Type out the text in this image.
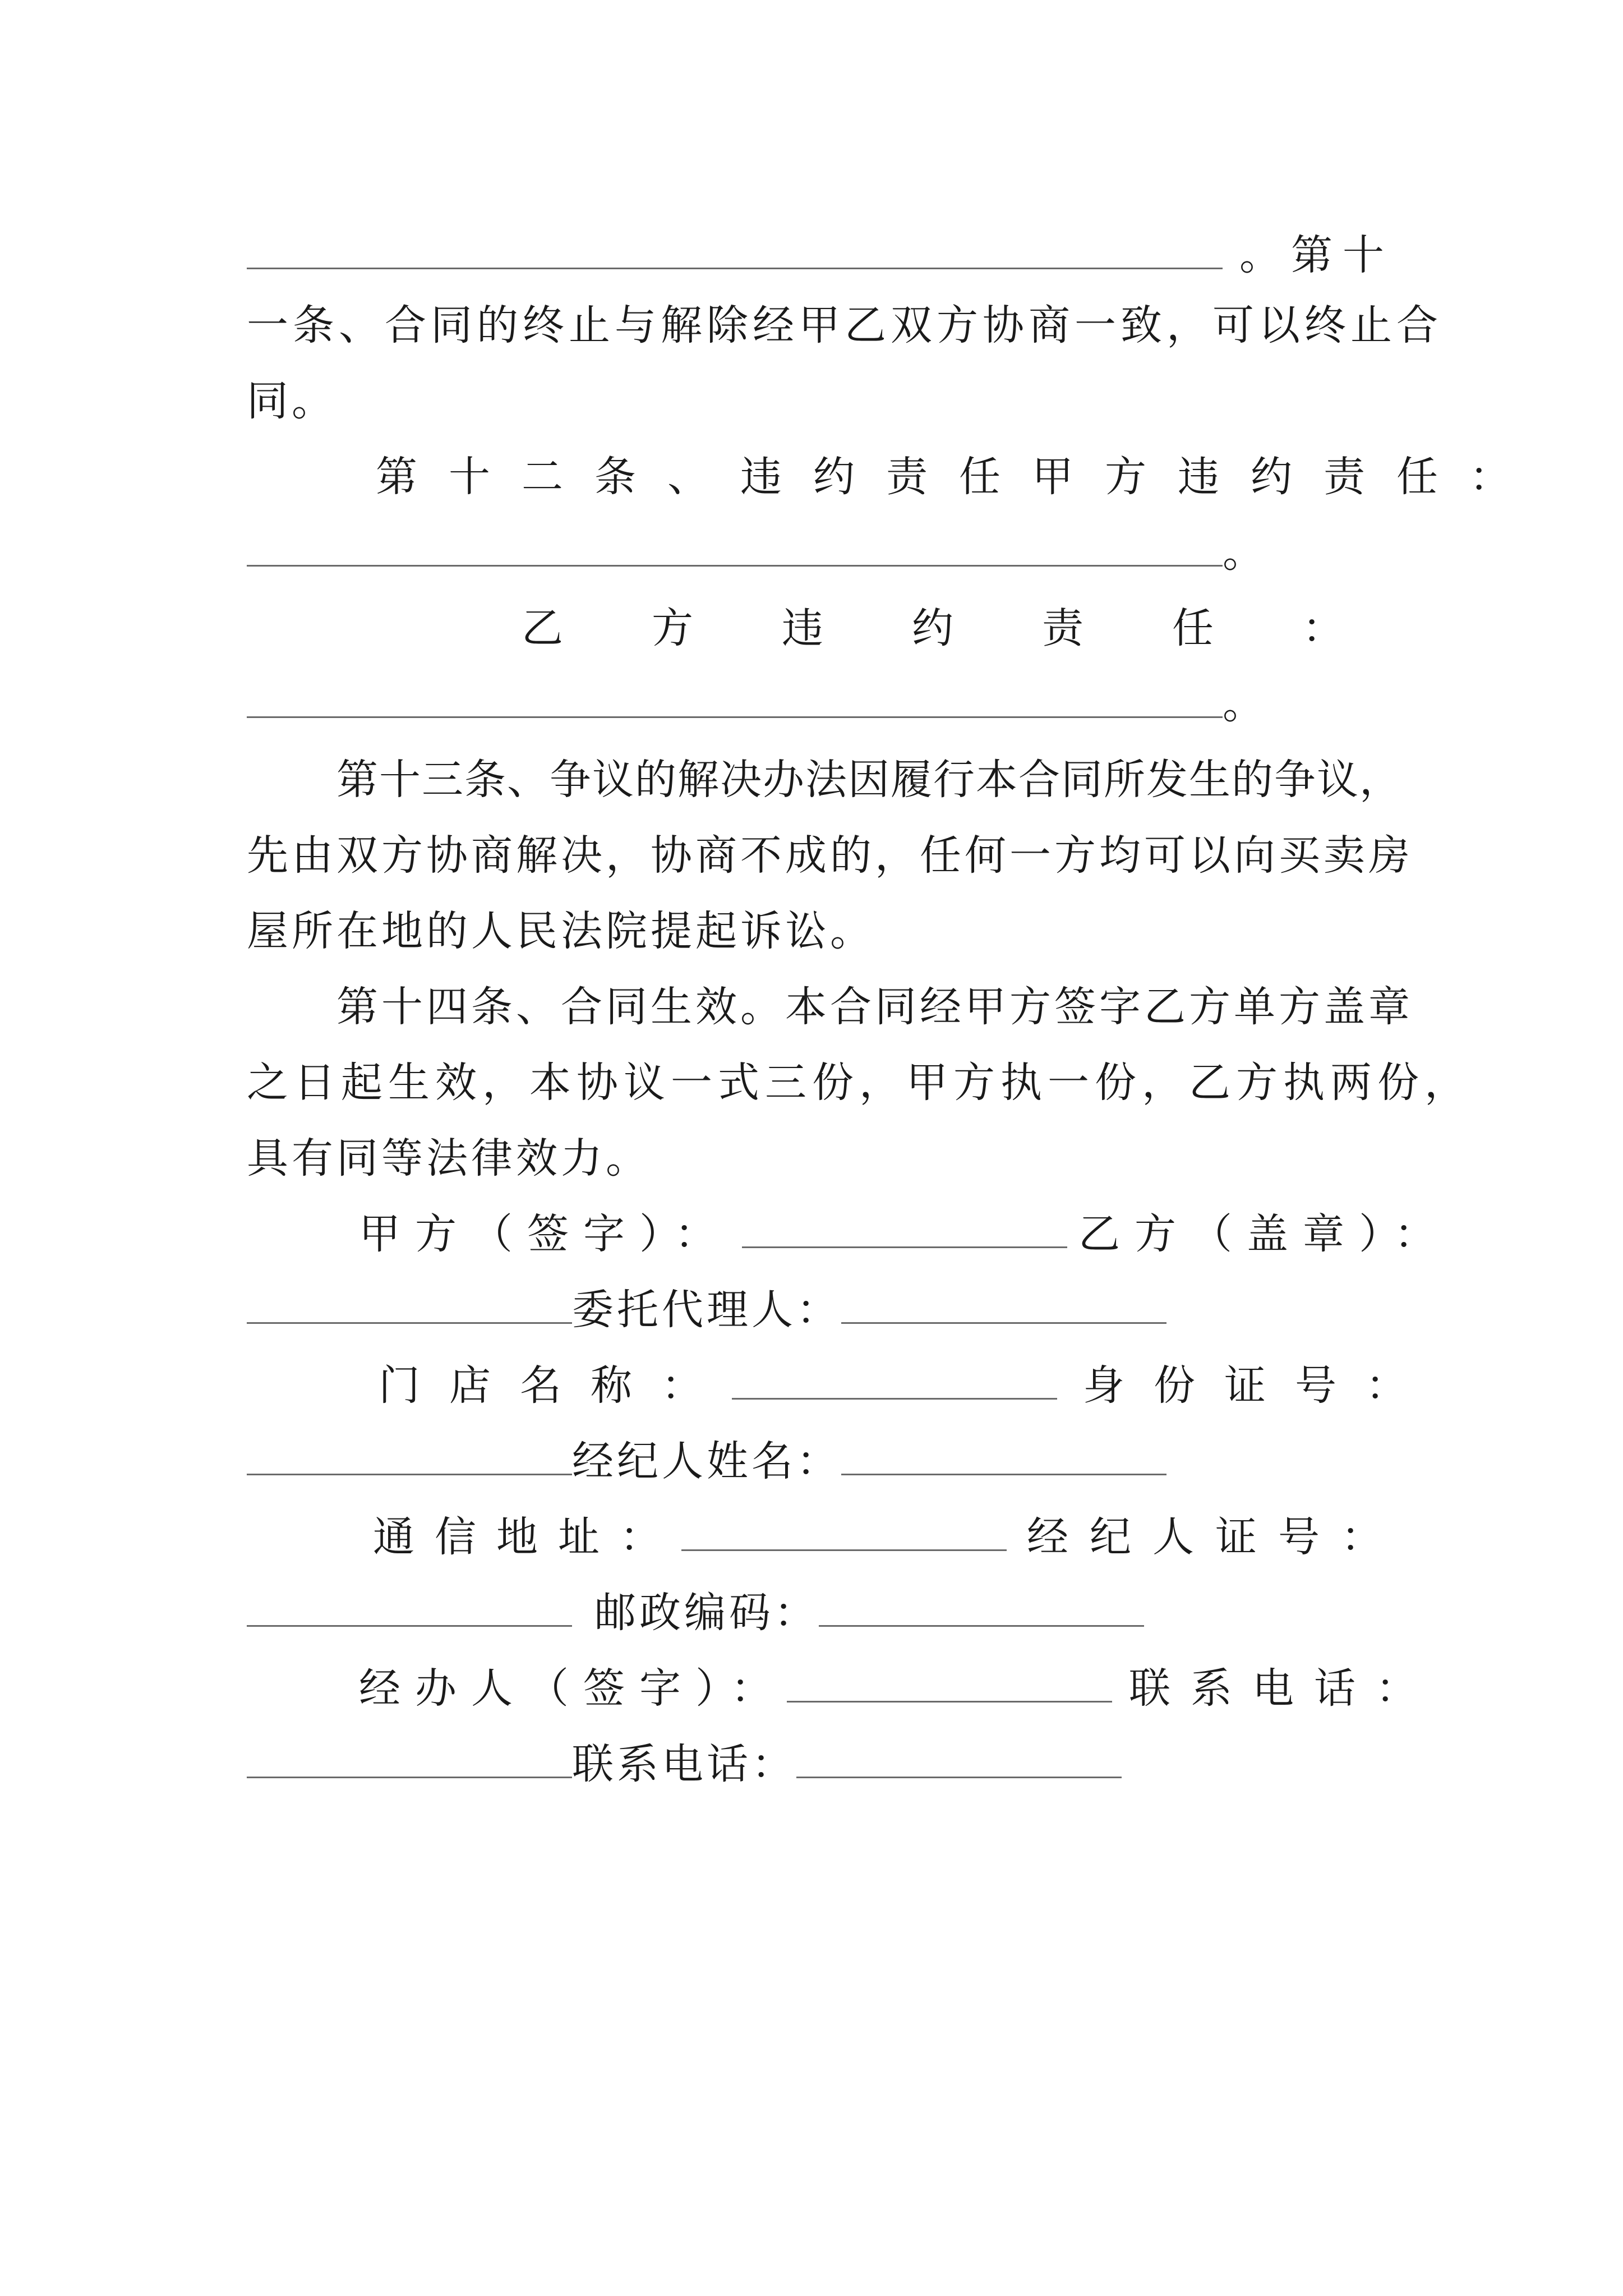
。第十
一条、合同的终止与解除经甲乙双方协商一致，可以终止合
同。
第十二条、违约责任甲方违约责任：
。
乙方违约责任：
。
第十三条、争议的解决办法因履行本合同所发生的争议，
先由双方协商解决，协商不成的，任何一方均可以向买卖房
屋所在地的人民法院提起诉讼。
第十四条、合同生效。本合同经甲方签字乙方单方盖章
之日起生效，本协议一式三份，甲方执一份，乙方执两份，
具有同等法律效力。
甲方（签字）：	乙方（盖章）：
委托代理人：
门店名称：	身份证号：
经纪人姓名：
通信地址：	经纪人证号：
邮政编码：
经办人（签字）：	联系电话：
联系电话：
